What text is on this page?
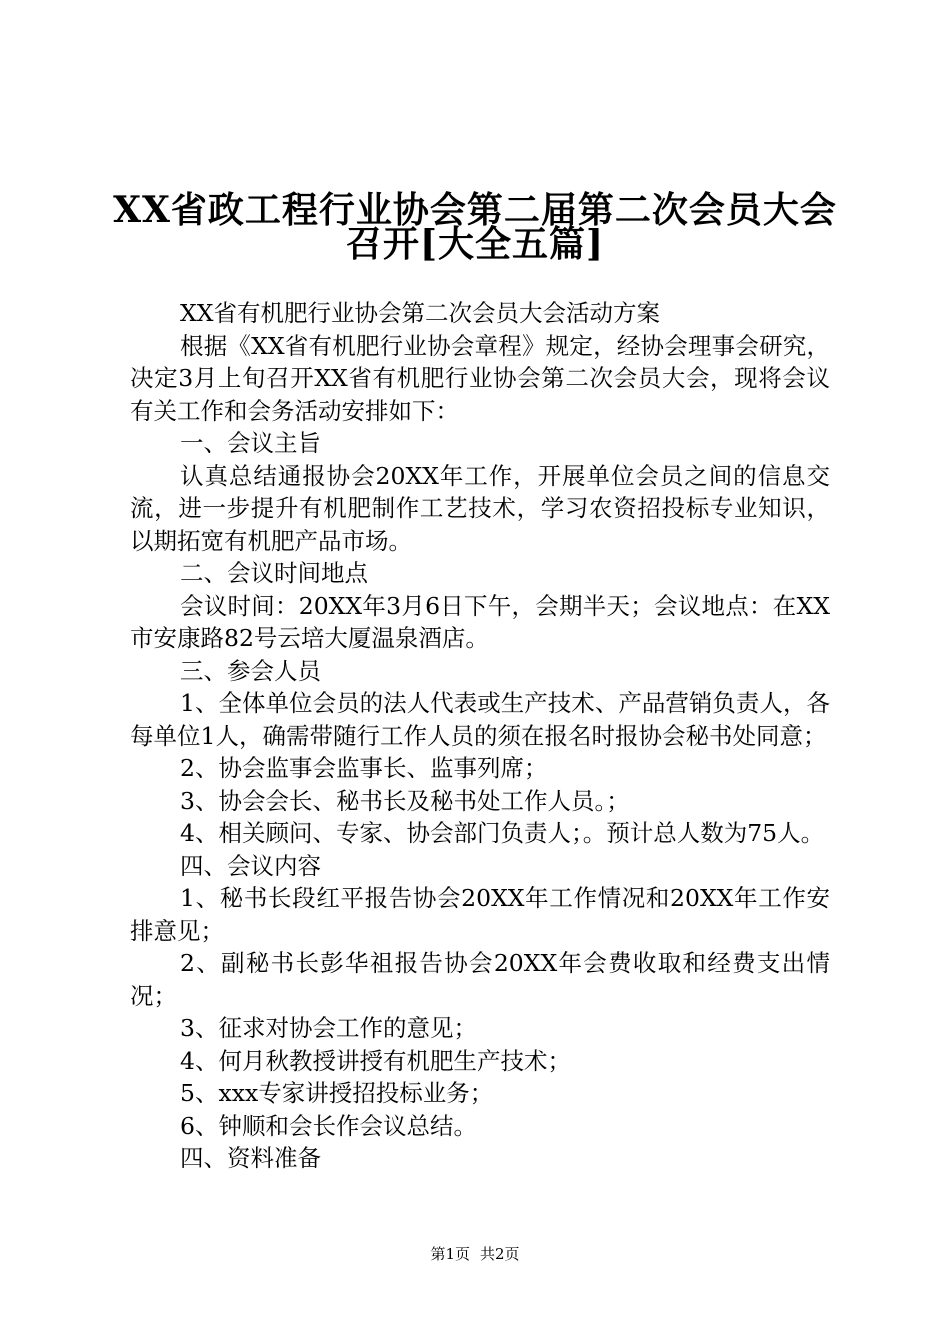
XX省政工程行业协会第二届第二次会员大会
召开[大全五篇]

XX省有机肥行业协会第二次会员大会活动方案

根据《XX省有机肥行业协会章程》规定，经协会理事会研究，决定3月上旬召开XX省有机肥行业协会第二次会员大会，现将会议有关工作和会务活动安排如下：

一、会议主旨

认真总结通报协会20XX年工作，开展单位会员之间的信息交流，进一步提升有机肥制作工艺技术，学习农资招投标专业知识，以期拓宽有机肥产品市场。

二、会议时间地点

会议时间：20XX年3月6日下午，会期半天；会议地点：在XX市安康路82号云培大厦温泉酒店。

三、参会人员

1、全体单位会员的法人代表或生产技术、产品营销负责人，各每单位1人，确需带随行工作人员的须在报名时报协会秘书处同意；

2、协会监事会监事长、监事列席；

3、协会会长、秘书长及秘书处工作人员。；

4、相关顾问、专家、协会部门负责人；。预计总人数为75人。

四、会议内容

1、秘书长段红平报告协会20XX年工作情况和20XX年工作安排意见；

2、副秘书长彭华祖报告协会20XX年会费收取和经费支出情况；

3、征求对协会工作的意见；

4、何月秋教授讲授有机肥生产技术；

5、xxx专家讲授招投标业务；

6、钟顺和会长作会议总结。

四、资料准备

第1页 共2页
